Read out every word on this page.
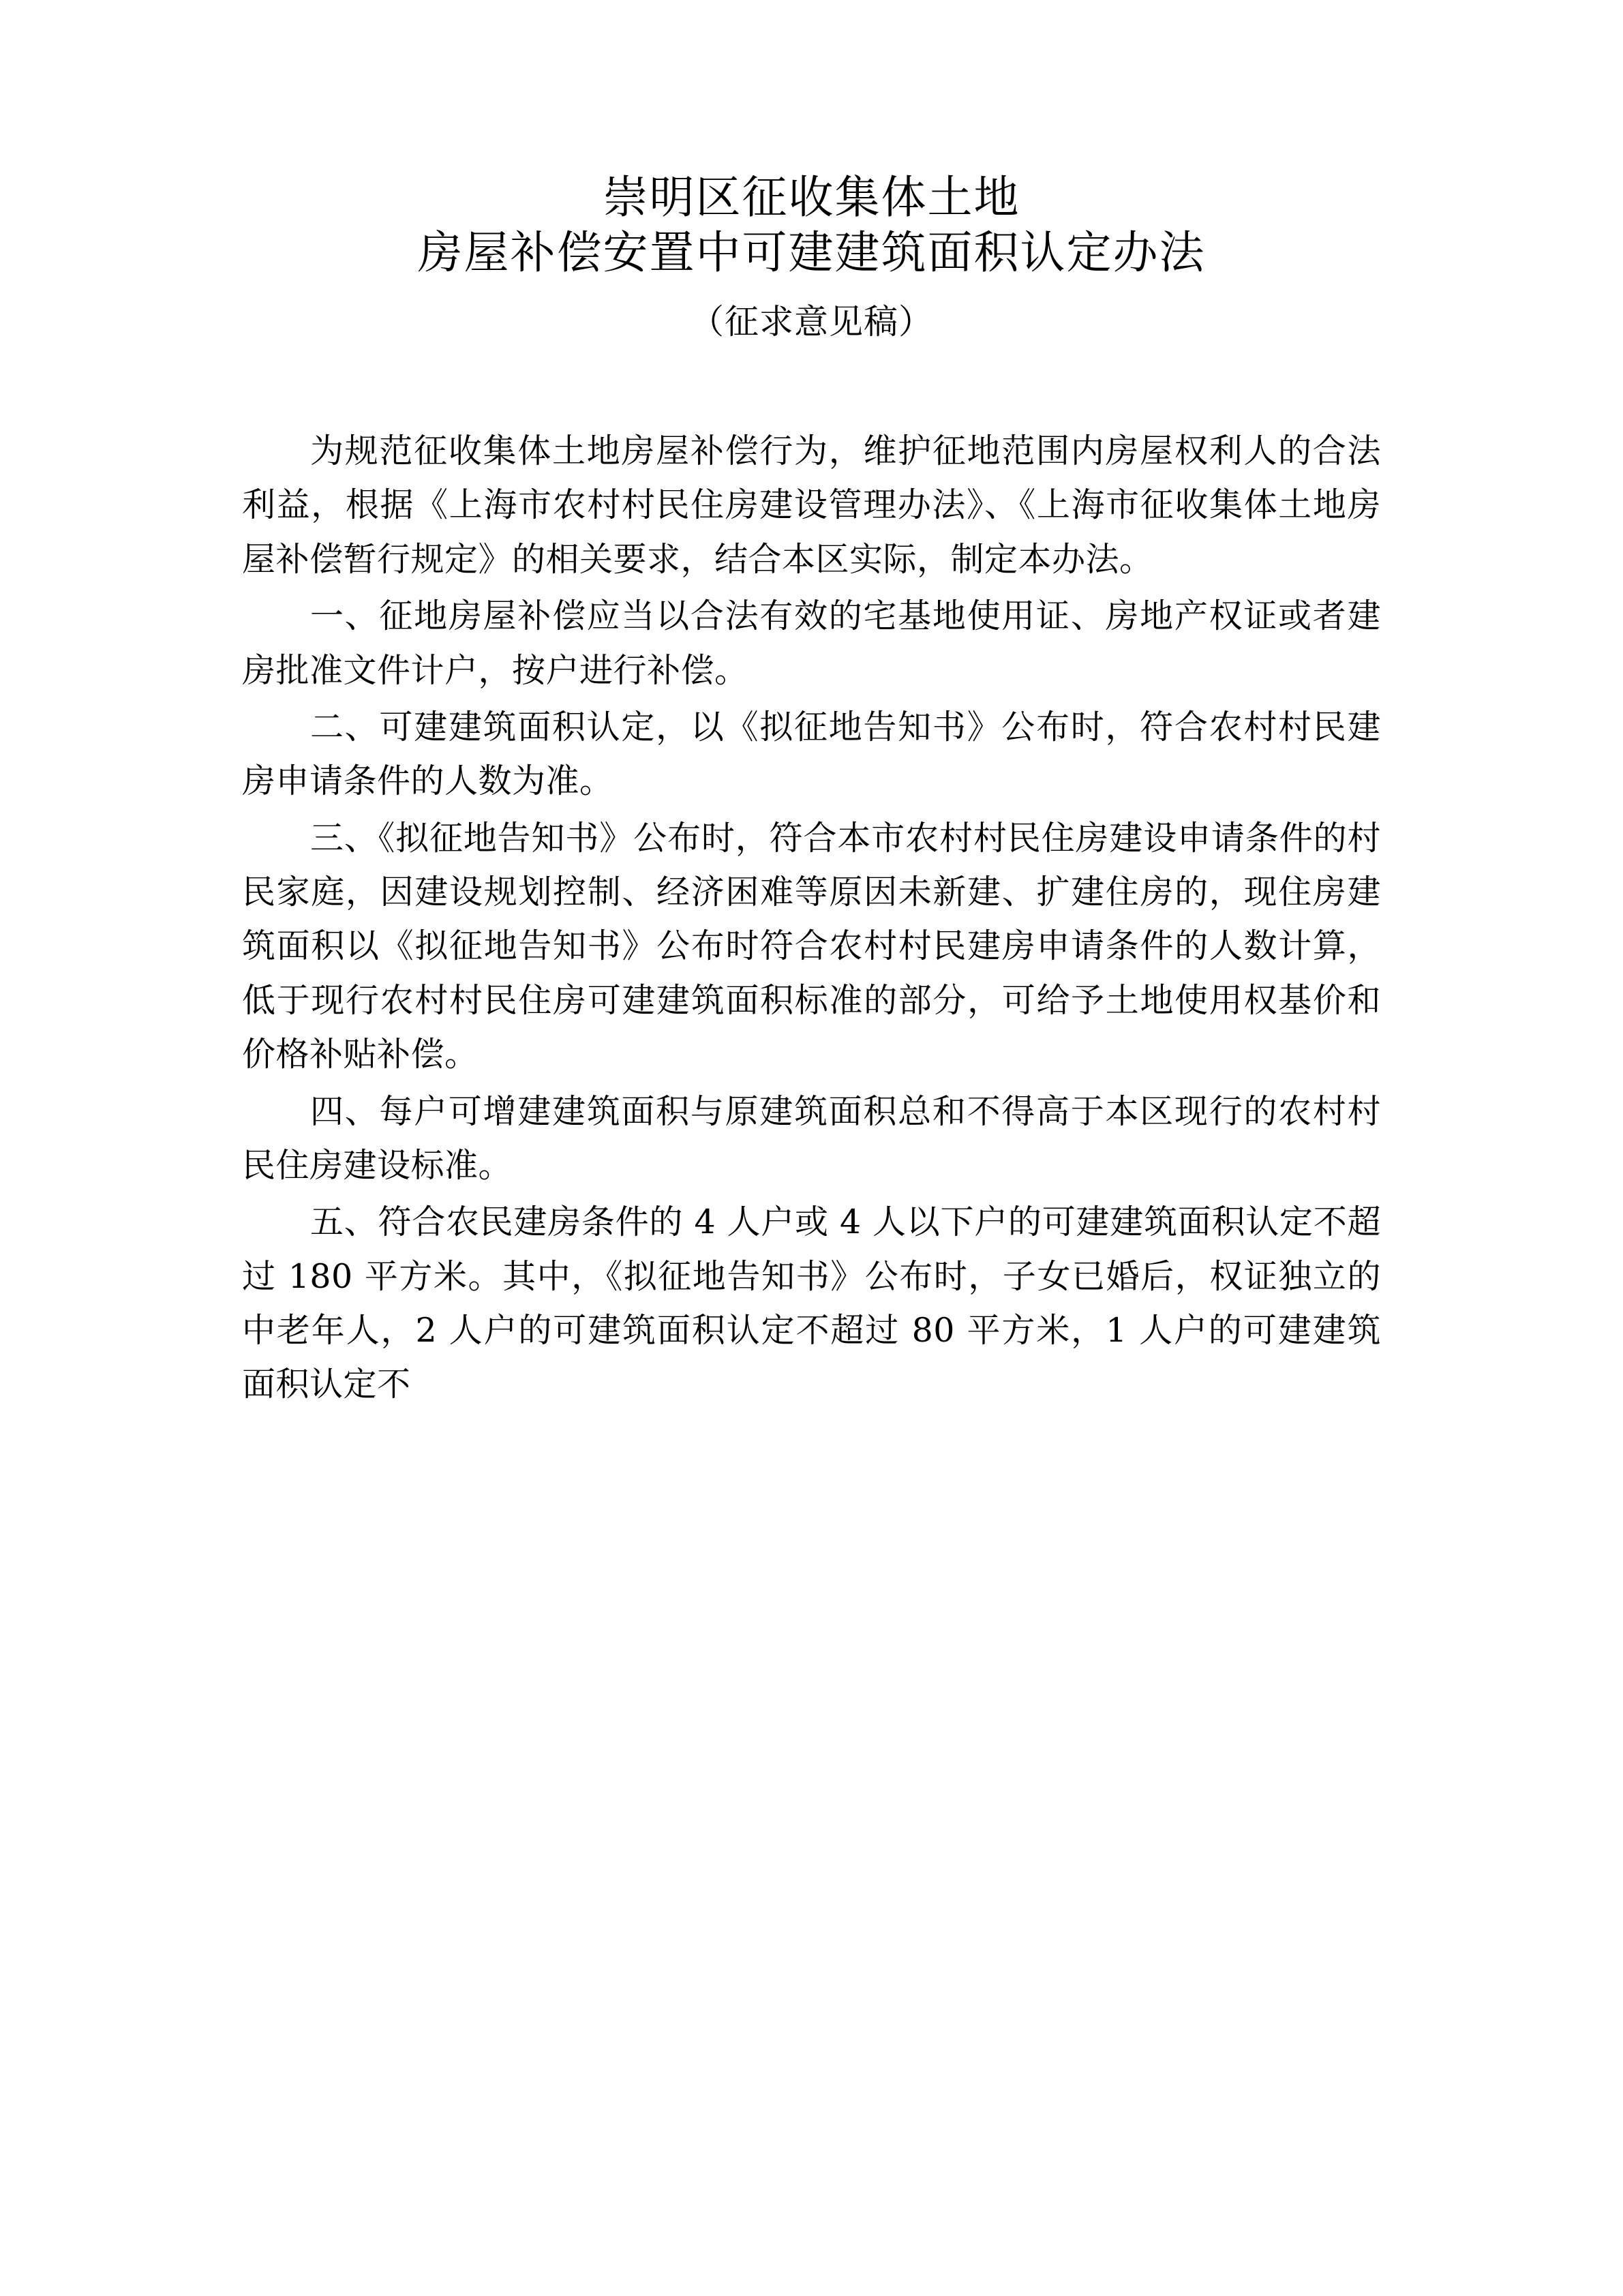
崇明区征收集体土地
房屋补偿安置中可建建筑面积认定办法
（征求意见稿）

为规范征收集体土地房屋补偿行为，维护征地范围内房屋权利人的合法利益，根据《上海市农村村民住房建设管理办法》、《上海市征收集体土地房屋补偿暂行规定》的相关要求，结合本区实际，制定本办法。

一、征地房屋补偿应当以合法有效的宅基地使用证、房地产权证或者建房批准文件计户，按户进行补偿。

二、可建建筑面积认定，以《拟征地告知书》公布时，符合农村村民建房申请条件的人数为准。

三、《拟征地告知书》公布时，符合本市农村村民住房建设申请条件的村民家庭，因建设规划控制、经济困难等原因未新建、扩建住房的，现住房建筑面积以《拟征地告知书》公布时符合农村村民建房申请条件的人数计算，低于现行农村村民住房可建建筑面积标准的部分，可给予土地使用权基价和价格补贴补偿。

四、每户可增建建筑面积与原建筑面积总和不得高于本区现行的农村村民住房建设标准。

五、符合农民建房条件的 4 人户或 4 人以下户的可建建筑面积认定不超过 180 平方米。其中，《拟征地告知书》公布时，子女已婚后，权证独立的中老年人，2 人户的可建筑面积认定不超过 80 平方米，1 人户的可建建筑面积认定不
